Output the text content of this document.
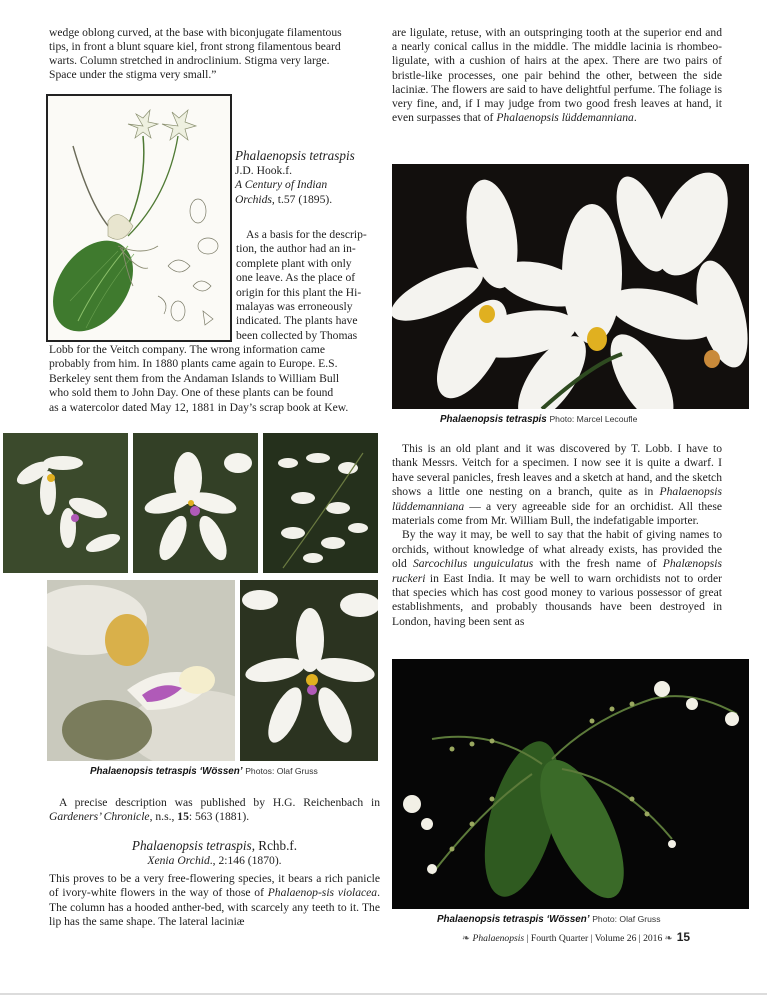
wedge oblong curved, at the base with biconjugate filamentous

tips, in front a blunt square kiel, front strong filamentous beard

warts. Column stretched in androclinium. Stigma very large.

Space under the stigma very small.”

Phalaenopsis tetraspis

J.D. Hook.f.

A Century of Indian

Orchids, t.57 (1895).

As a basis for the descrip-

tion, the author had an in-

complete plant with only

one leave. As the place of

origin for this plant the Hi-

malayas was erroneously

indicated. The plants have

been collected by Thomas

Lobb for the Veitch company. The wrong information came

probably from him. In 1880 plants came again to Europe. E.S.

Berkeley sent them from the Andaman Islands to William Bull

who sold them to John Day. One of these plants can be found

as a watercolor dated May 12, 1881 in Day’s scrap book at Kew.

Phalaenopsis tetraspis ‘Wössen’ Photos: Olaf Gruss

A precise description was published by H.G. Reichenbach in Gardeners’ Chronicle, n.s., 15: 563 (1881).

Phalaenopsis tetraspis, Rchb.f.

Xenia Orchid., 2:146 (1870).

This proves to be a very free-flowering species, it bears a rich panicle of ivory-white flowers in the way of those of Phalaenop-sis violacea. The column has a hooded anther-bed, with scarcely any teeth to it. The lip has the same shape. The lateral laciniæ

are ligulate, retuse, with an outspringing tooth at the superior end and a nearly conical callus in the middle. The middle lacinia is rhombeo-ligulate, with a cushion of hairs at the apex. There are two pairs of bristle-like processes, one pair behind the other, between the side laciniæ. The flowers are said to have delightful perfume. The foliage is very fine, and, if I may judge from two good fresh leaves at hand, it even surpasses that of Phalaenopsis lüddemanniana.

Phalaenopsis tetraspis Photo: Marcel Lecoufle

This is an old plant and it was discovered by T. Lobb. I have to thank Messrs. Veitch for a specimen. I now see it is quite a dwarf. I have several panicles, fresh leaves and a sketch at hand, and the sketch shows a little one nesting on a branch, quite as in Phalaenopsis lüddemanniana — a very agreeable side for an orchidist. All these materials come from Mr. William Bull, the indefatigable importer.

By the way it may, be well to say that the habit of giving names to orchids, without knowledge of what already exists, has provided the old Sarcochilus unguiculatus with the fresh name of Phalænopsis ruckeri in East India. It may be well to warn orchidists not to order that species which has cost good money to various possessor of great establishments, and probably thousands have been destroyed in London, having been sent as

Phalaenopsis tetraspis ‘Wössen’ Photo: Olaf Gruss
❧ Phalaenopsis | Fourth Quarter | Volume 26 | 2016 ❧ 15
